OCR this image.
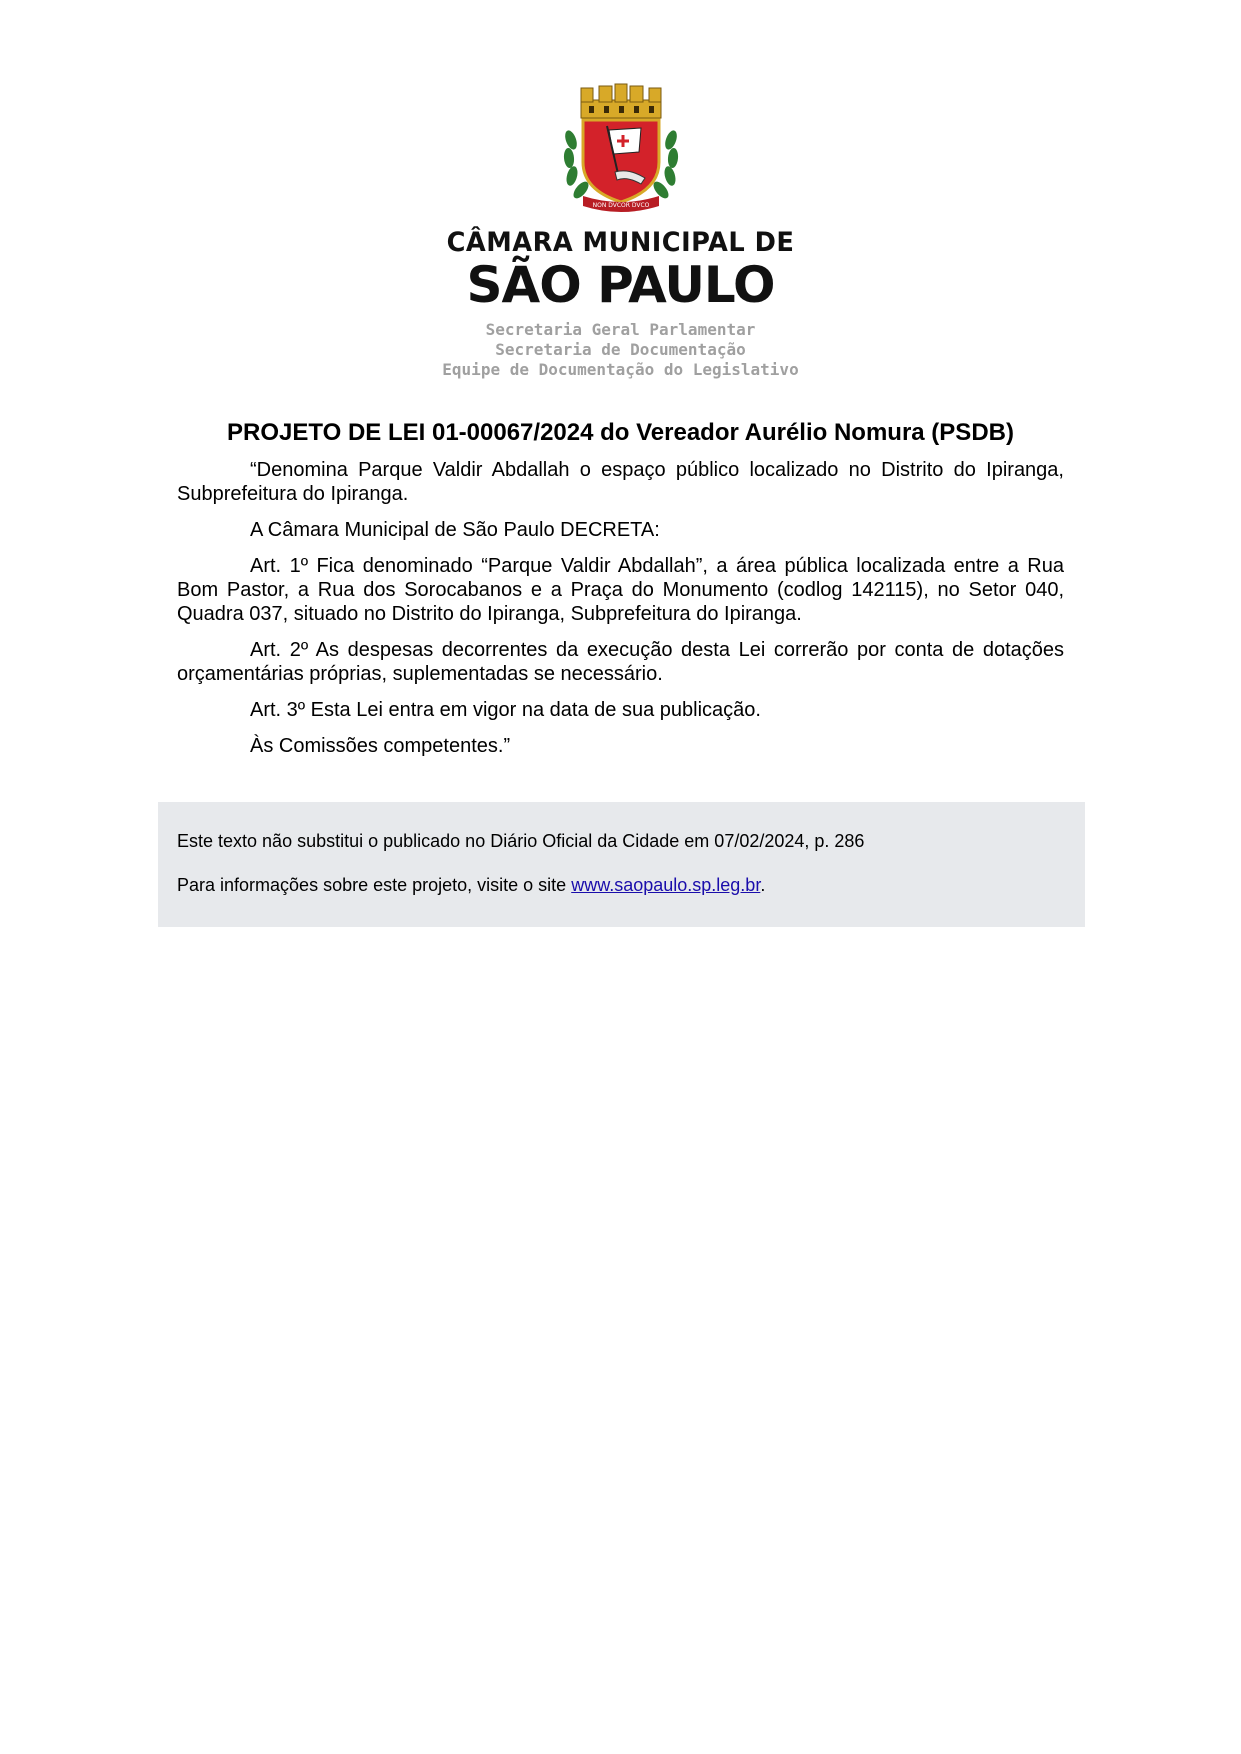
NON DVCOR DVCO
CÂMARA MUNICIPAL DE
SÃO PAULO
Secretaria Geral Parlamentar
Secretaria de Documentação
Equipe de Documentação do Legislativo
PROJETO DE LEI 01-00067/2024 do Vereador Aurélio Nomura (PSDB)

“Denomina Parque Valdir Abdallah o espaço público localizado no Distrito do Ipiranga, Subprefeitura do Ipiranga.

A Câmara Municipal de São Paulo DECRETA:

Art. 1º Fica denominado “Parque Valdir Abdallah”, a área pública localizada entre a Rua Bom Pastor, a Rua dos Sorocabanos e a Praça do Monumento (codlog 142115), no Setor 040, Quadra 037, situado no Distrito do Ipiranga, Subprefeitura do Ipiranga.

Art. 2º As despesas decorrentes da execução desta Lei correrão por conta de dotações orçamentárias próprias, suplementadas se necessário.

Art. 3º Esta Lei entra em vigor na data de sua publicação.

Às Comissões competentes.”

Este texto não substitui o publicado no Diário Oficial da Cidade em 07/02/2024, p. 286

Para informações sobre este projeto, visite o site www.saopaulo.sp.leg.br.
